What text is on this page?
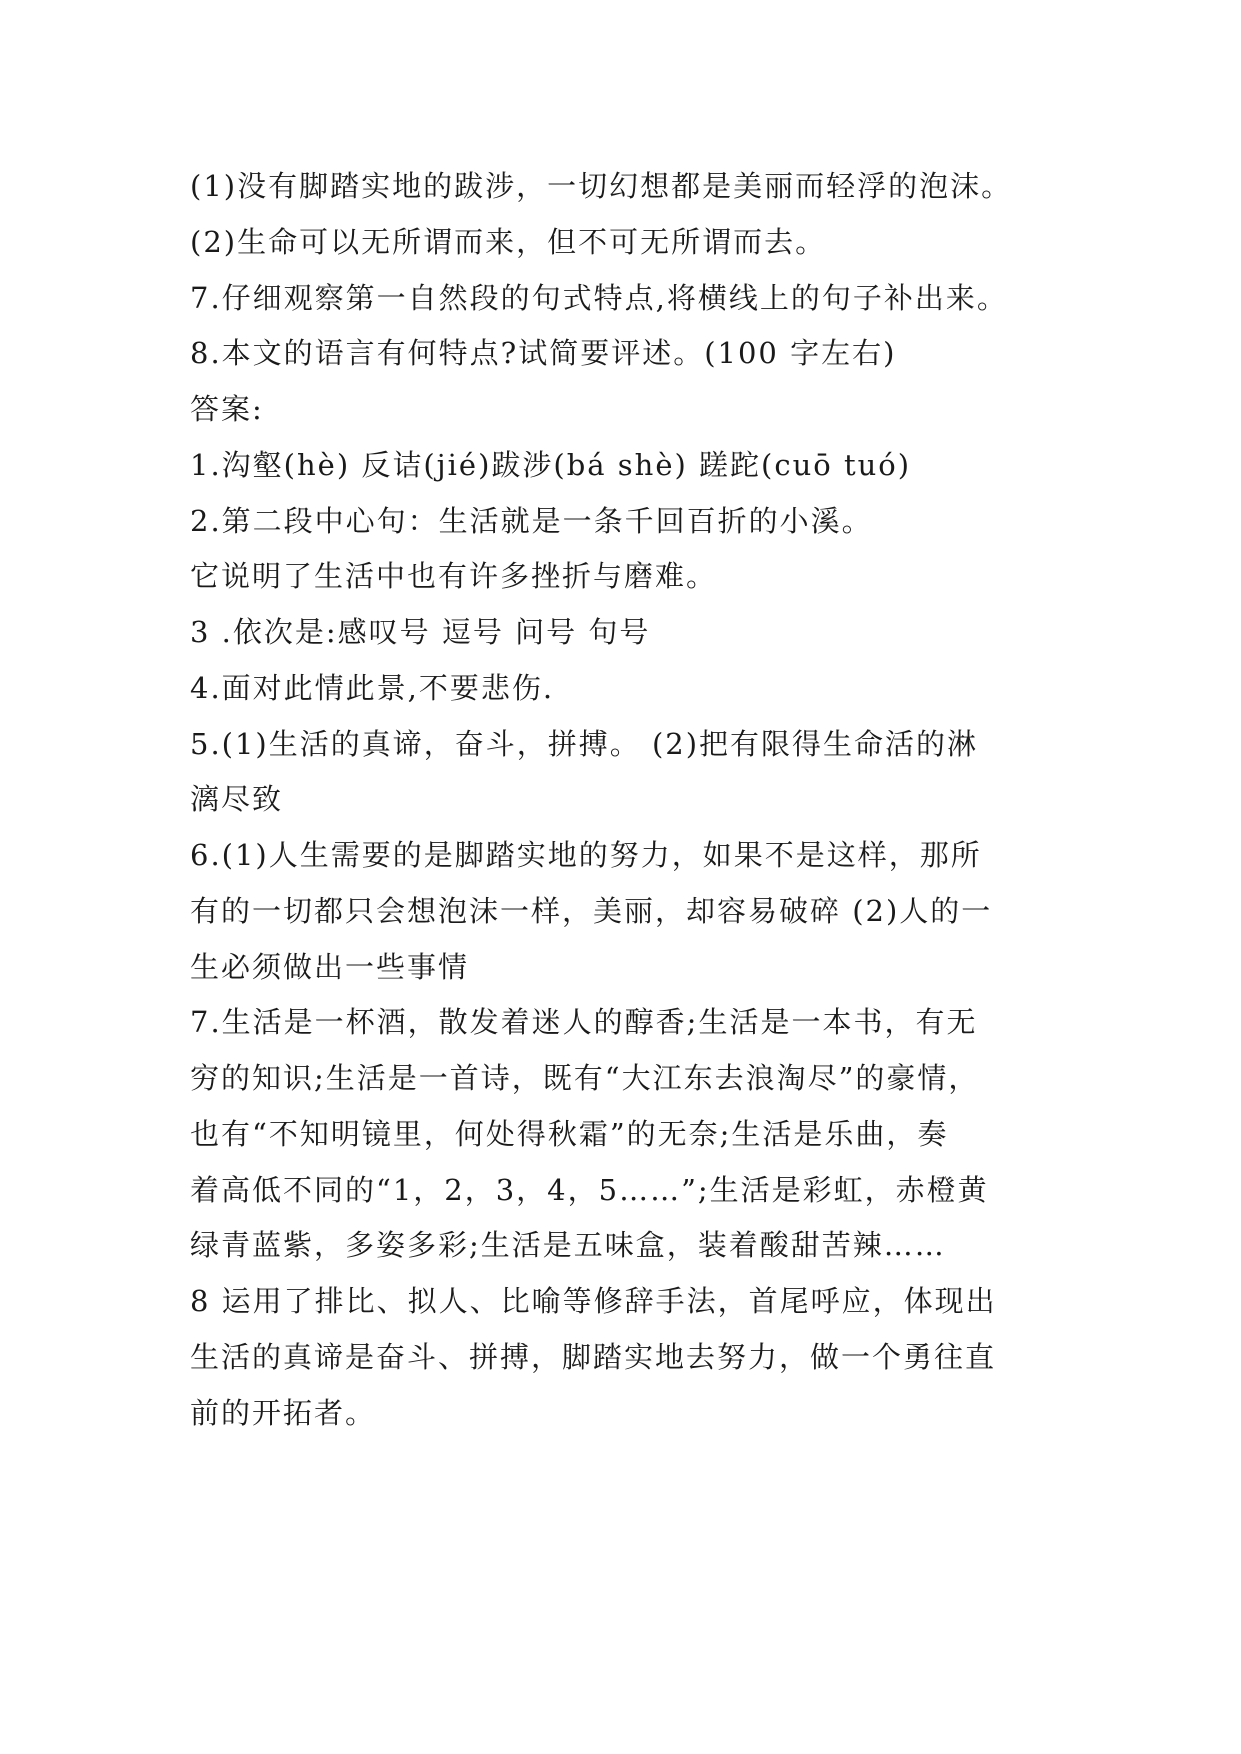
(1)没有脚踏实地的跋涉，一切幻想都是美丽而轻浮的泡沫。
(2)生命可以无所谓而来，但不可无所谓而去。
7.仔细观察第一自然段的句式特点,将横线上的句子补出来。
8.本文的语言有何特点?试简要评述。(100 字左右)
答案:
1.沟壑(hè) 反诘(jié)跋涉(bá shè) 蹉跎(cuō tuó)
2.第二段中心句：生活就是一条千回百折的小溪。
它说明了生活中也有许多挫折与磨难。
3 .依次是:感叹号 逗号 问号 句号
4.面对此情此景,不要悲伤.
5.(1)生活的真谛，奋斗，拼搏。 (2)把有限得生命活的淋
漓尽致
6.(1)人生需要的是脚踏实地的努力，如果不是这样，那所
有的一切都只会想泡沫一样，美丽，却容易破碎 (2)人的一
生必须做出一些事情
7.生活是一杯酒，散发着迷人的醇香;生活是一本书，有无
穷的知识;生活是一首诗，既有“大江东去浪淘尽”的豪情，
也有“不知明镜里，何处得秋霜”的无奈;生活是乐曲，奏
着高低不同的“1，2，3，4，5……”;生活是彩虹，赤橙黄
绿青蓝紫，多姿多彩;生活是五味盒，装着酸甜苦辣……
8 运用了排比、拟人、比喻等修辞手法，首尾呼应，体现出
生活的真谛是奋斗、拼搏，脚踏实地去努力，做一个勇往直
前的开拓者。
